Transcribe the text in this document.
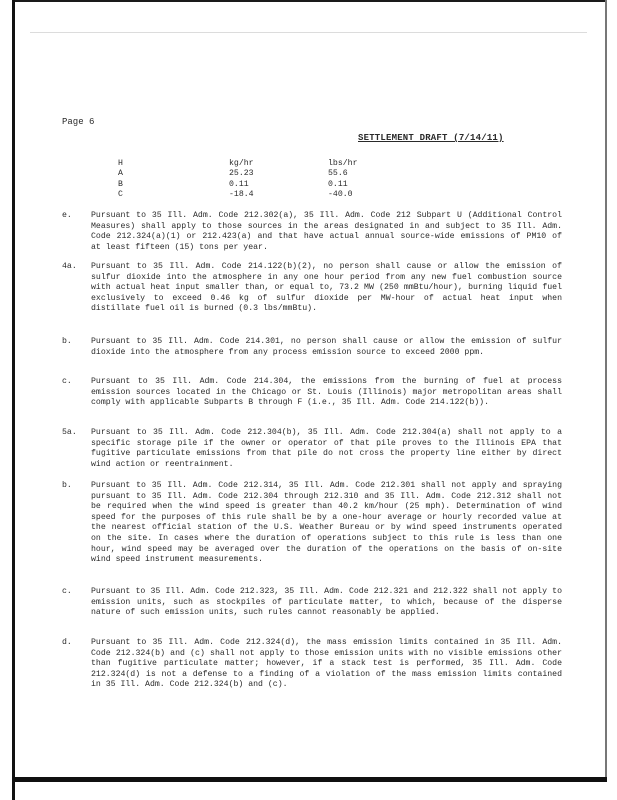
Page 6
SETTLEMENT DRAFT (7/14/11)
H	kg/hr	lbs/hr
A	25.23	55.6
B	0.11	0.11
C	-18.4	-40.0
e.	Pursuant to 35 Ill. Adm. Code 212.302(a), 35 Ill. Adm. Code 212 Subpart U (Additional Control Measures) shall apply to those sources in the areas designated in and subject to 35 Ill. Adm. Code 212.324(a)(1) or 212.423(a) and that have actual annual source-wide emissions of PM10 of at least fifteen (15) tons per year.
4a.	Pursuant to 35 Ill. Adm. Code 214.122(b)(2), no person shall cause or allow the emission of sulfur dioxide into the atmosphere in any one hour period from any new fuel combustion source with actual heat input smaller than, or equal to, 73.2 MW (250 mmBtu/hour), burning liquid fuel exclusively to exceed 0.46 kg of sulfur dioxide per MW-hour of actual heat input when distillate fuel oil is burned (0.3 lbs/mmBtu).
b.	Pursuant to 35 Ill. Adm. Code 214.301, no person shall cause or allow the emission of sulfur dioxide into the atmosphere from any process emission source to exceed 2000 ppm.
c.	Pursuant to 35 Ill. Adm. Code 214.304, the emissions from the burning of fuel at process emission sources located in the Chicago or St. Louis (Illinois) major metropolitan areas shall comply with applicable Subparts B through F (i.e., 35 Ill. Adm. Code 214.122(b)).
5a.	Pursuant to 35 Ill. Adm. Code 212.304(b), 35 Ill. Adm. Code 212.304(a) shall not apply to a specific storage pile if the owner or operator of that pile proves to the Illinois EPA that fugitive particulate emissions from that pile do not cross the property line either by direct wind action or reentrainment.
b.	Pursuant to 35 Ill. Adm. Code 212.314, 35 Ill. Adm. Code 212.301 shall not apply and spraying pursuant to 35 Ill. Adm. Code 212.304 through 212.310 and 35 Ill. Adm. Code 212.312 shall not be required when the wind speed is greater than 40.2 km/hour (25 mph). Determination of wind speed for the purposes of this rule shall be by a one-hour average or hourly recorded value at the nearest official station of the U.S. Weather Bureau or by wind speed instruments operated on the site. In cases where the duration of operations subject to this rule is less than one hour, wind speed may be averaged over the duration of the operations on the basis of on-site wind speed instrument measurements.
c.	Pursuant to 35 Ill. Adm. Code 212.323, 35 Ill. Adm. Code 212.321 and 212.322 shall not apply to emission units, such as stockpiles of particulate matter, to which, because of the disperse nature of such emission units, such rules cannot reasonably be applied.
d.	Pursuant to 35 Ill. Adm. Code 212.324(d), the mass emission limits contained in 35 Ill. Adm. Code 212.324(b) and (c) shall not apply to those emission units with no visible emissions other than fugitive particulate matter; however, if a stack test is performed, 35 Ill. Adm. Code 212.324(d) is not a defense to a finding of a violation of the mass emission limits contained in 35 Ill. Adm. Code 212.324(b) and (c).
